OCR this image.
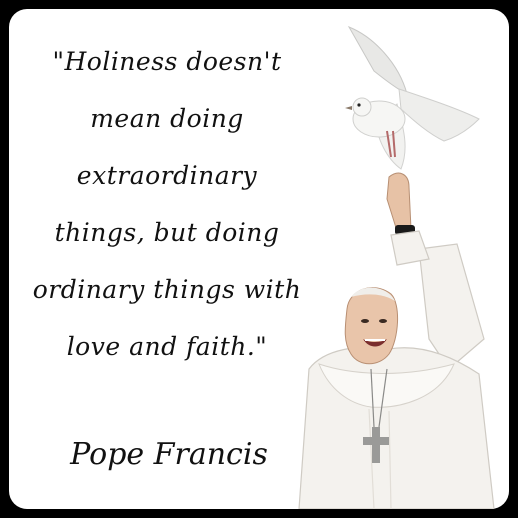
"Holiness doesn't
mean doing
extraordinary
things, but doing
ordinary things with
love and faith."
Pope Francis
